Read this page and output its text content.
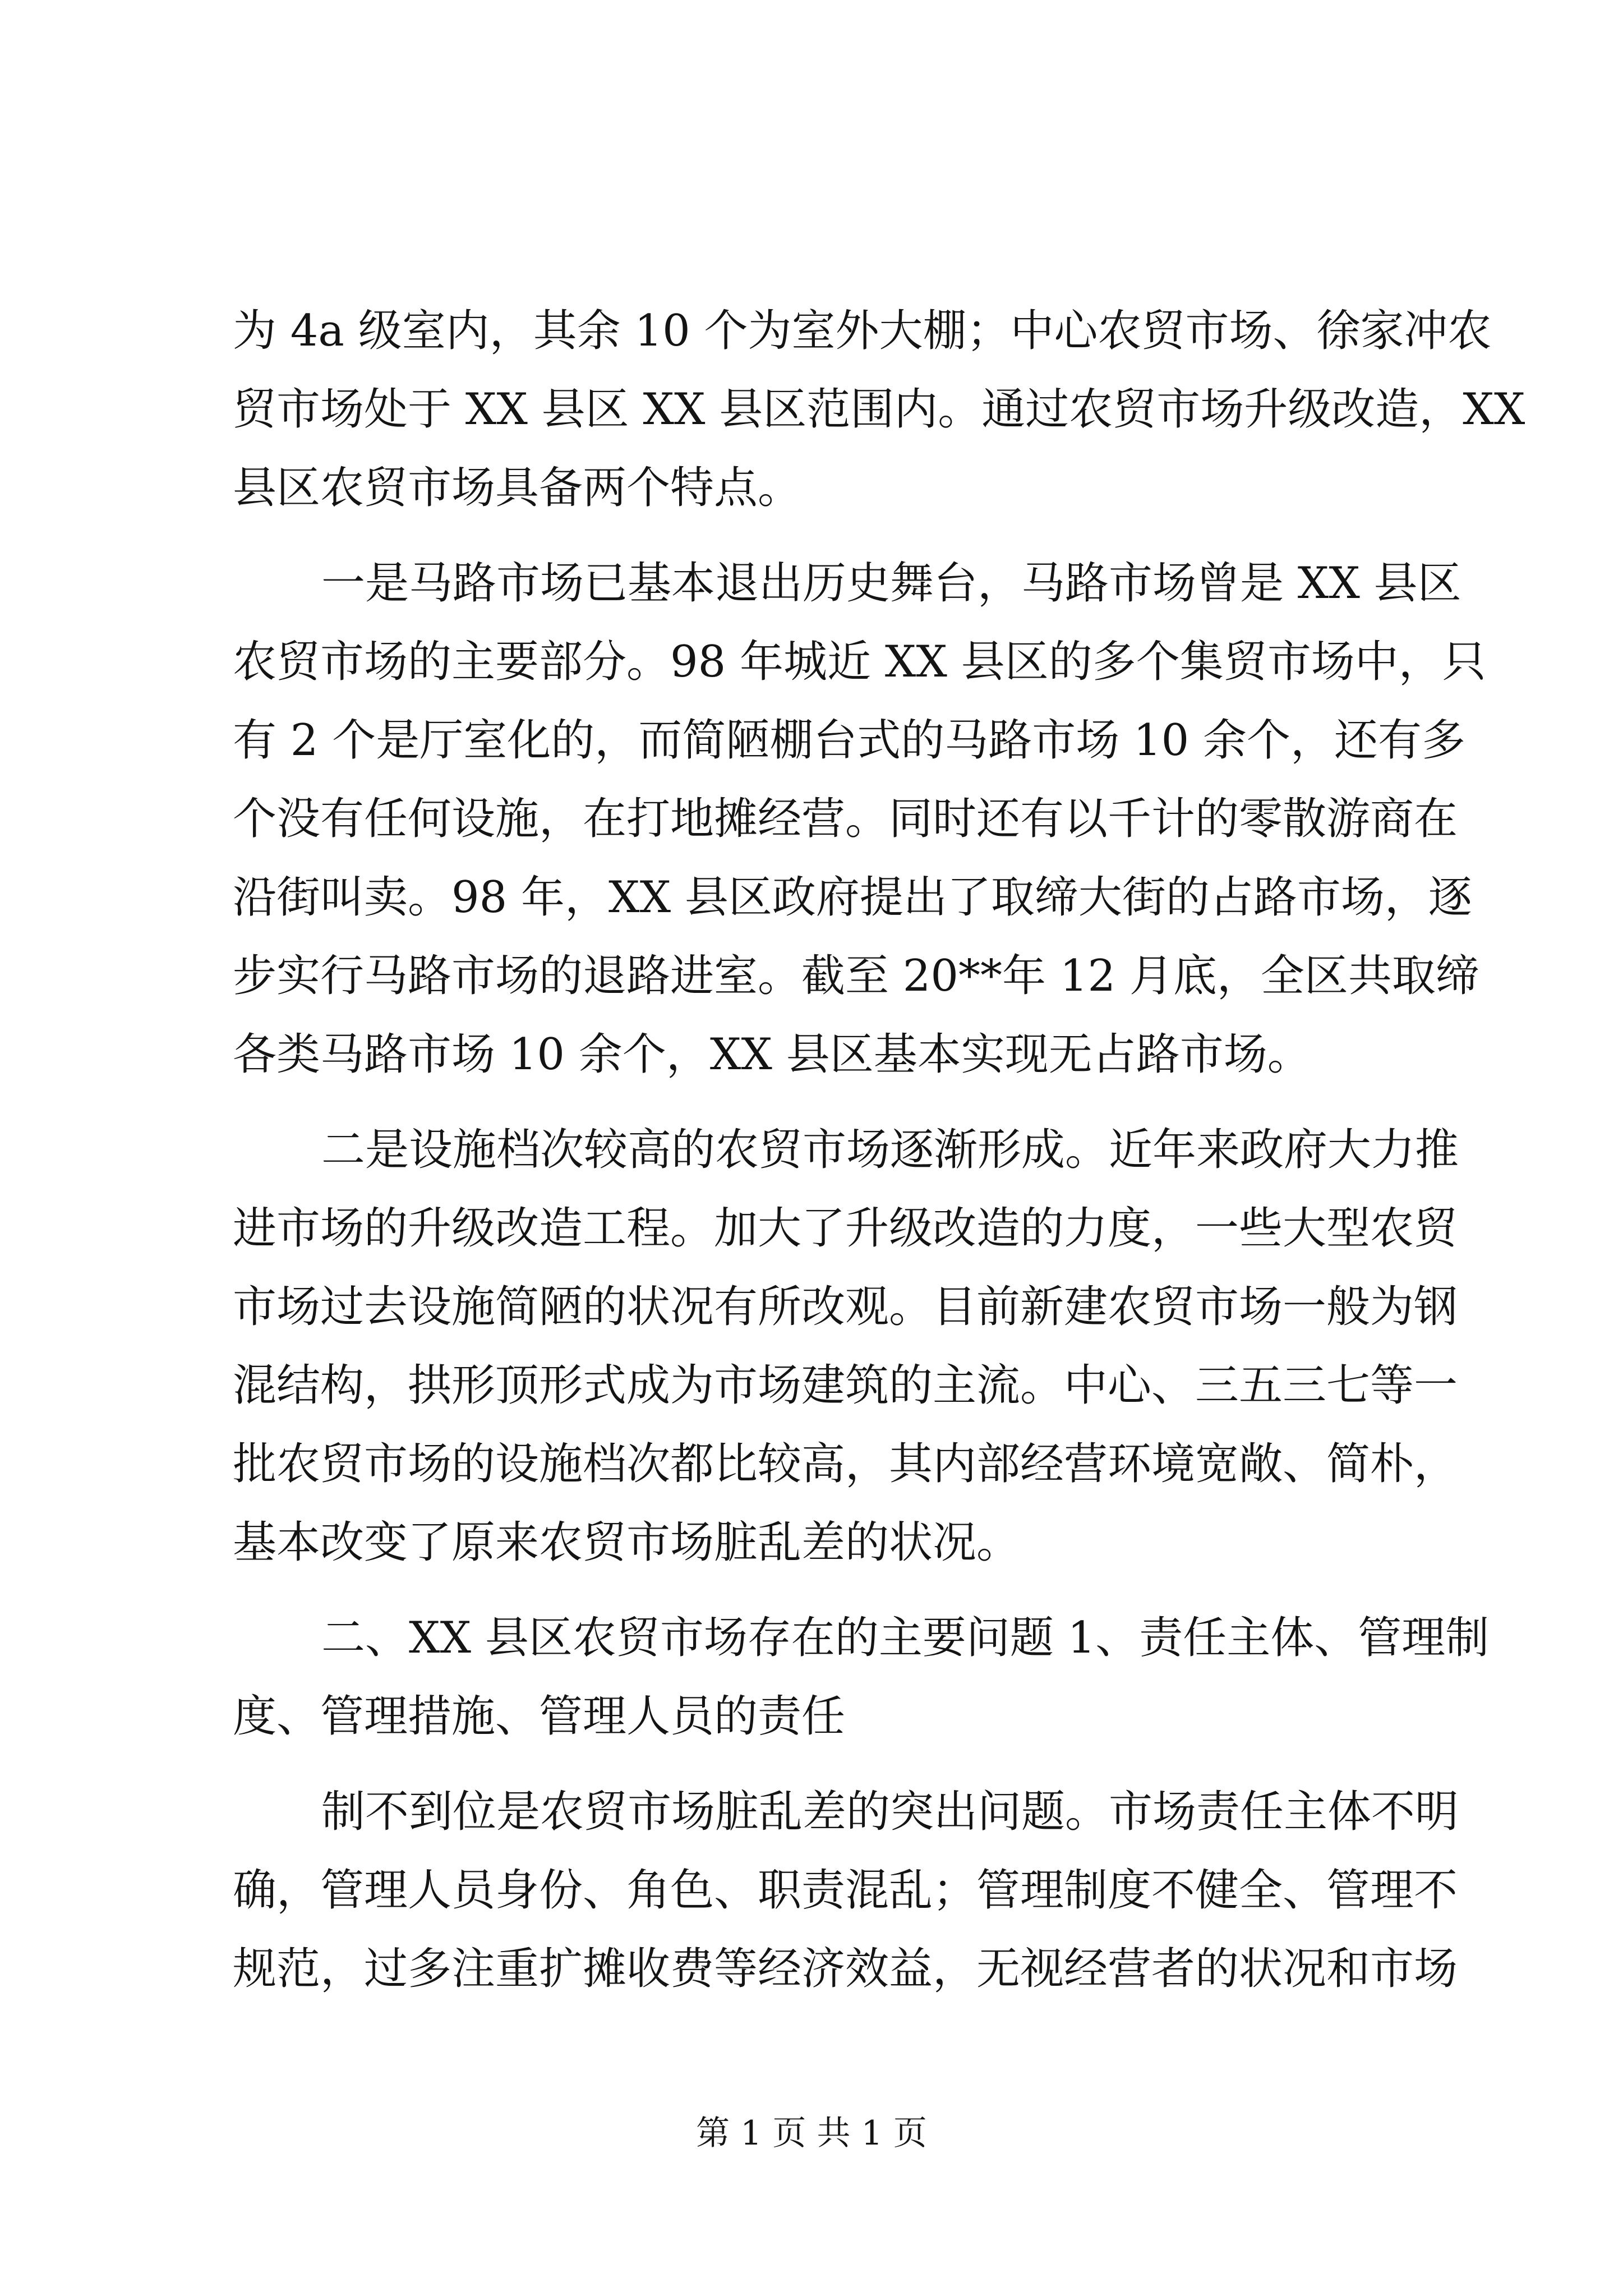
为 4a 级室内，其余 10 个为室外大棚；中心农贸市场、徐家冲农
贸市场处于 XX 县区 XX 县区范围内。通过农贸市场升级改造，XX
县区农贸市场具备两个特点。
一是马路市场已基本退出历史舞台，马路市场曾是 XX 县区
农贸市场的主要部分。98 年城近 XX 县区的多个集贸市场中，只
有 2 个是厅室化的，而简陋棚台式的马路市场 10 余个，还有多
个没有任何设施，在打地摊经营。同时还有以千计的零散游商在
沿街叫卖。98 年，XX 县区政府提出了取缔大街的占路市场，逐
步实行马路市场的退路进室。截至 20**年 12 月底，全区共取缔
各类马路市场 10 余个，XX 县区基本实现无占路市场。
二是设施档次较高的农贸市场逐渐形成。近年来政府大力推
进市场的升级改造工程。加大了升级改造的力度，一些大型农贸
市场过去设施简陋的状况有所改观。目前新建农贸市场一般为钢
混结构，拱形顶形式成为市场建筑的主流。中心、三五三七等一
批农贸市场的设施档次都比较高，其内部经营环境宽敞、简朴，
基本改变了原来农贸市场脏乱差的状况。
二、XX 县区农贸市场存在的主要问题 1、责任主体、管理制
度、管理措施、管理人员的责任
制不到位是农贸市场脏乱差的突出问题。市场责任主体不明
确，管理人员身份、角色、职责混乱；管理制度不健全、管理不
规范，过多注重扩摊收费等经济效益，无视经营者的状况和市场
第 1 页 共 1 页
